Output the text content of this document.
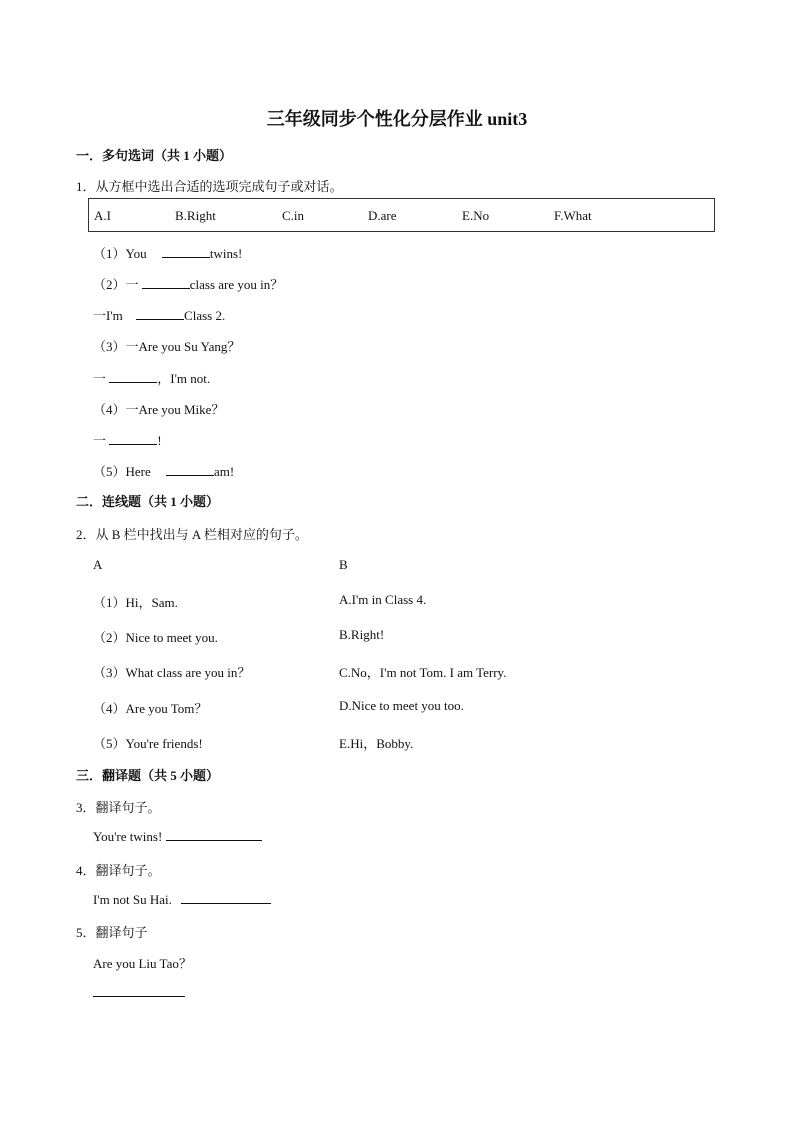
三年级同步个性化分层作业 unit3
一．多句选词（共 1 小题）
1．从方框中选出合适的选项完成句子或对话。
A.I	B.Right	C.in	D.are	E.No	F.What
（1）You	twins!
（2）一	class are you in？
一I'm	Class 2.
（3）一Are you Su Yang？
一	，I'm not.
（4）一Are you Mike？
一	!
（5）Here	am!
二．连线题（共 1 小题）
2．从 B 栏中找出与 A 栏相对应的句子。
A	B
（1）Hi，Sam.	A.I'm in Class 4.
（2）Nice to meet you.	B.Right!
（3）What class are you in？	C.No，I'm not Tom. I am Terry.
（4）Are you Tom？	D.Nice to meet you too.
（5）You're friends!	E.Hi，Bobby.
三．翻译题（共 5 小题）
3．翻译句子。
You're twins!
4．翻译句子。
I'm not Su Hai.
5．翻译句子
Are you Liu Tao？
